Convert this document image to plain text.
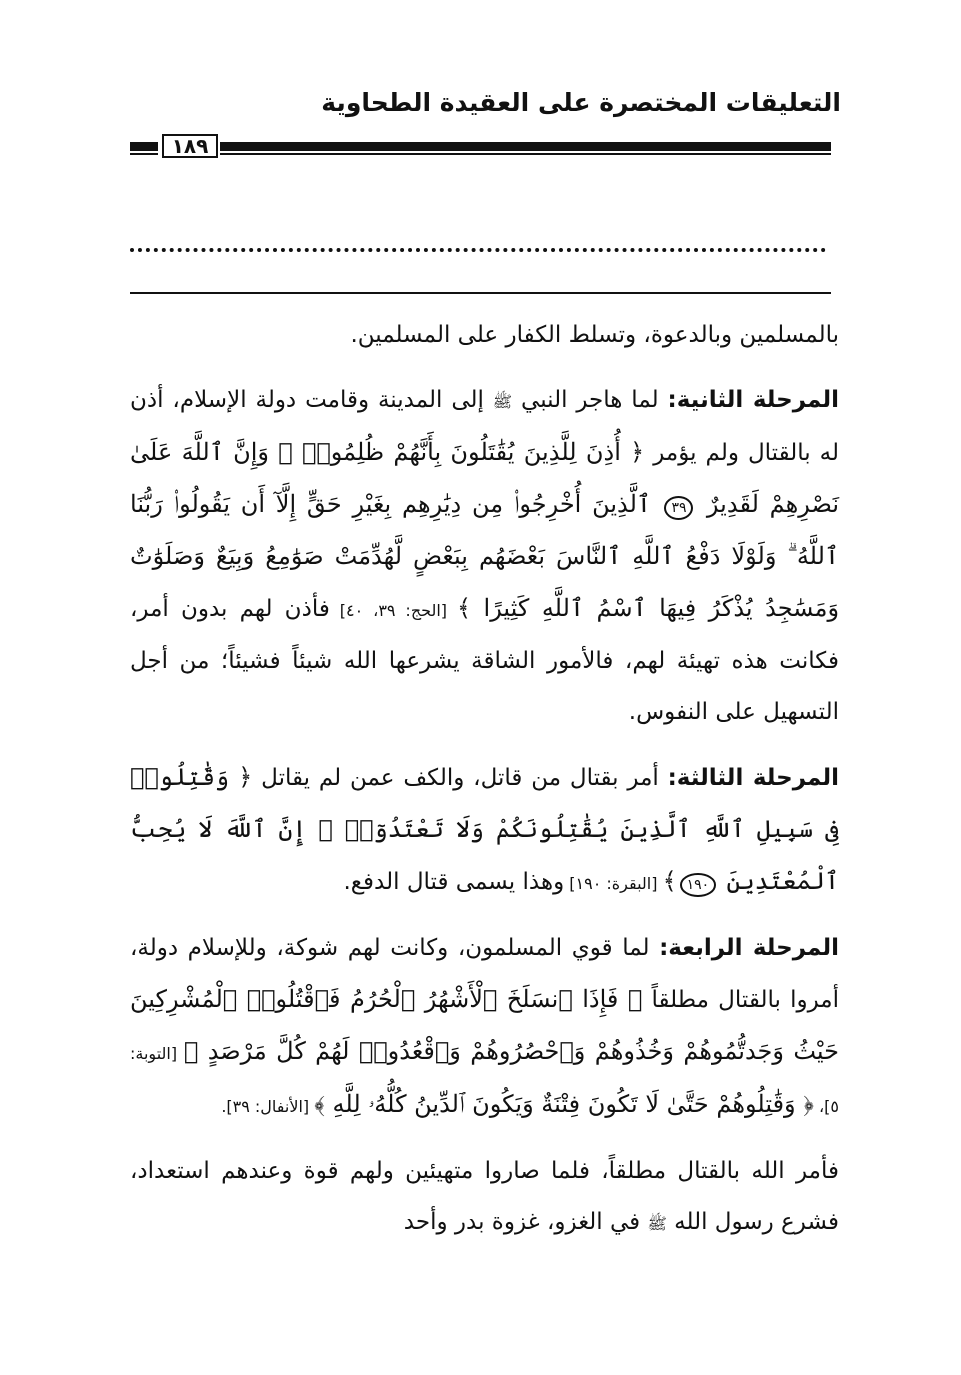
التعليقات المختصرة على العقيدة الطحاوية
١٨٩

بالمسلمين وبالدعوة، وتسلط الكفار على المسلمين.

المرحلة الثانية: لما هاجر النبي ﷺ إلى المدينة وقامت دولة الإسلام، أذن له بالقتال ولم يؤمر ﴿ أُذِنَ لِلَّذِينَ يُقَٰتَلُونَ بِأَنَّهُمْ ظُلِمُوا۟ ۚ وَإِنَّ ٱللَّهَ عَلَىٰ نَصْرِهِمْ لَقَدِيرٌ ٣٩ ٱلَّذِينَ أُخْرِجُوا۟ مِن دِيَٰرِهِم بِغَيْرِ حَقٍّ إِلَّآ أَن يَقُولُوا۟ رَبُّنَا ٱللَّهُ ۗ وَلَوْلَا دَفْعُ ٱللَّهِ ٱلنَّاسَ بَعْضَهُم بِبَعْضٍ لَّهُدِّمَتْ صَوَٰمِعُ وَبِيَعٌ وَصَلَوَٰتٌ وَمَسَٰجِدُ يُذْكَرُ فِيهَا ٱسْمُ ٱللَّهِ كَثِيرًا ﴾ [الحج: ٣٩، ٤٠] فأذن لهم بدون أمر، فكانت هذه تهيئة لهم، فالأمور الشاقة يشرعها الله شيئاً فشيئاً؛ من أجل التسهيل على النفوس.

المرحلة الثالثة: أمر بقتال من قاتل، والكف عمن لم يقاتل ﴿ وَقَٰتِلُوا۟ فِى سَبِيلِ ٱللَّهِ ٱلَّذِينَ يُقَٰتِلُونَكُمْ وَلَا تَعْتَدُوٓا۟ ۚ إِنَّ ٱللَّهَ لَا يُحِبُّ ٱلْمُعْتَدِينَ ١٩٠﴾ [البقرة: ١٩٠] وهذا يسمى قتال الدفع.

المرحلة الرابعة: لما قوي المسلمون، وكانت لهم شوكة، وللإسلام دولة، أمروا بالقتال مطلقاً ﴿ فَإِذَا ٱنسَلَخَ ٱلْأَشْهُرُ ٱلْحُرُمُ فَٱقْتُلُوا۟ ٱلْمُشْرِكِينَ حَيْثُ وَجَدتُّمُوهُمْ وَخُذُوهُمْ وَٱحْصُرُوهُمْ وَٱقْعُدُوا۟ لَهُمْ كُلَّ مَرْصَدٍ ﴾ [التوبة: ٥]، ﴿ وَقَٰتِلُوهُمْ حَتَّىٰ لَا تَكُونَ فِتْنَةٌ وَيَكُونَ ٱلدِّينُ كُلُّهُۥ لِلَّهِ ﴾ [الأنفال: ٣٩].

فأمر الله بالقتال مطلقاً، فلما صاروا متهيئين ولهم قوة وعندهم استعداد، فشرع رسول الله ﷺ في الغزو، غزوة بدر وأحد
